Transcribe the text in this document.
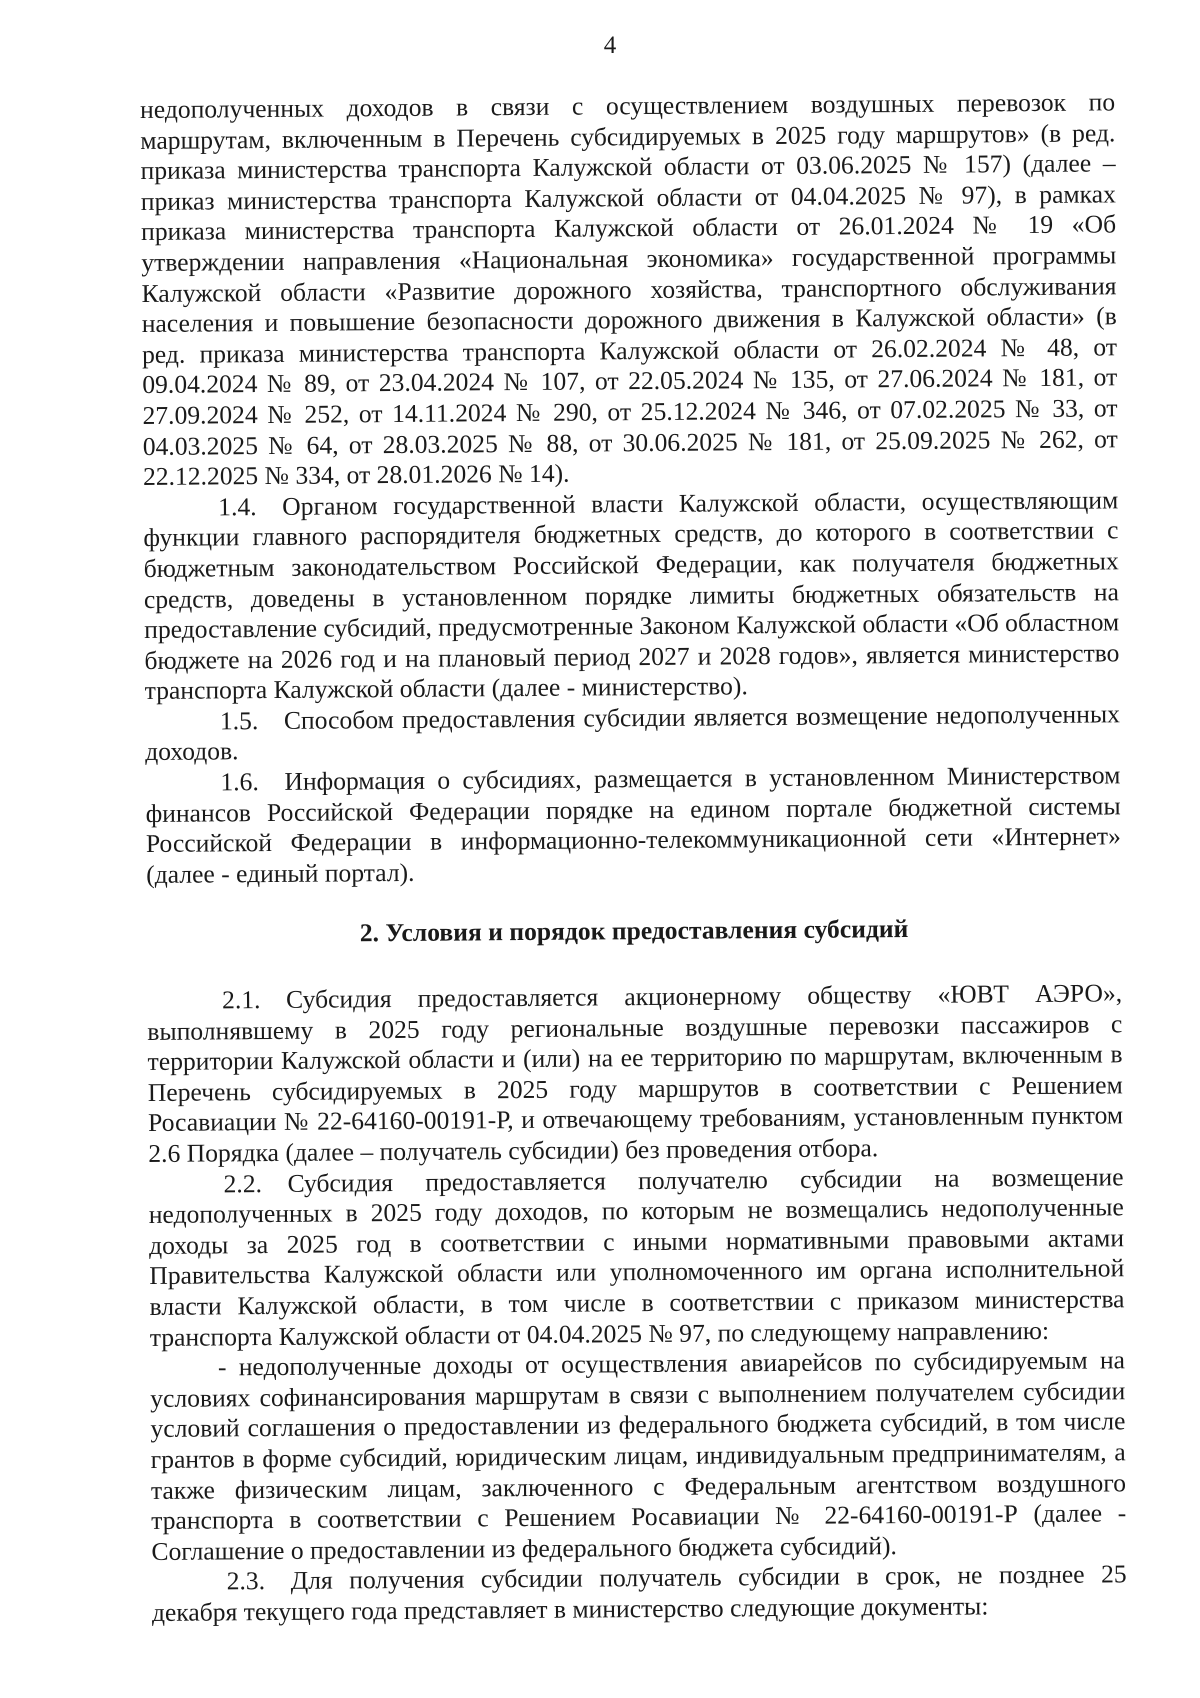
4

недополученных доходов в связи с осуществлением воздушных перевозок по маршрутам, включенным в Перечень субсидируемых в 2025 году маршрутов» (в ред. приказа министерства транспорта Калужской области от 03.06.2025 № 157) (далее – приказ министерства транспорта Калужской области от 04.04.2025 № 97), в рамках приказа министерства транспорта Калужской области от 26.01.2024 № 19 «Об утверждении направления «Национальная экономика» государственной программы Калужской области «Развитие дорожного хозяйства, транспортного обслуживания населения и повышение безопасности дорожного движения в Калужской области» (в ред. приказа министерства транспорта Калужской области от 26.02.2024 № 48, от 09.04.2024 № 89, от 23.04.2024 № 107, от 22.05.2024 № 135, от 27.06.2024 № 181, от 27.09.2024 № 252, от 14.11.2024 № 290, от 25.12.2024 № 346, от 07.02.2025 № 33, от 04.03.2025 № 64, от 28.03.2025 № 88, от 30.06.2025 № 181, от 25.09.2025 № 262, от 22.12.2025 № 334, от 28.01.2026 № 14).

1.4. Органом государственной власти Калужской области, осуществляющим функции главного распорядителя бюджетных средств, до которого в соответствии с бюджетным законодательством Российской Федерации, как получателя бюджетных средств, доведены в установленном порядке лимиты бюджетных обязательств на предоставление субсидий, предусмотренные Законом Калужской области «Об областном бюджете на 2026 год и на плановый период 2027 и 2028 годов», является министерство транспорта Калужской области (далее - министерство).

1.5. Способом предоставления субсидии является возмещение недополученных доходов.

1.6. Информация о субсидиях, размещается в установленном Министерством финансов Российской Федерации порядке на едином портале бюджетной системы Российской Федерации в информационно-телекоммуникационной сети «Интернет» (далее - единый портал).

2. Условия и порядок предоставления субсидий

2.1. Субсидия предоставляется акционерному обществу «ЮВТ АЭРО», выполнявшему в 2025 году региональные воздушные перевозки пассажиров с территории Калужской области и (или) на ее территорию по маршрутам, включенным в Перечень субсидируемых в 2025 году маршрутов в соответствии с Решением Росавиации № 22-64160-00191-Р, и отвечающему требованиям, установленным пунктом 2.6 Порядка (далее – получатель субсидии) без проведения отбора.

2.2. Субсидия предоставляется получателю субсидии на возмещение недополученных в 2025 году доходов, по которым не возмещались недополученные доходы за 2025 год в соответствии с иными нормативными правовыми актами Правительства Калужской области или уполномоченного им органа исполнительной власти Калужской области, в том числе в соответствии с приказом министерства транспорта Калужской области от 04.04.2025 № 97, по следующему направлению:

- недополученные доходы от осуществления авиарейсов по субсидируемым на условиях софинансирования маршрутам в связи с выполнением получателем субсидии условий соглашения о предоставлении из федерального бюджета субсидий, в том числе грантов в форме субсидий, юридическим лицам, индивидуальным предпринимателям, а также физическим лицам, заключенного с Федеральным агентством воздушного транспорта в соответствии с Решением Росавиации № 22-64160-00191-Р (далее - Соглашение о предоставлении из федерального бюджета субсидий).

2.3. Для получения субсидии получатель субсидии в срок, не позднее 25 декабря текущего года представляет в министерство следующие документы:
